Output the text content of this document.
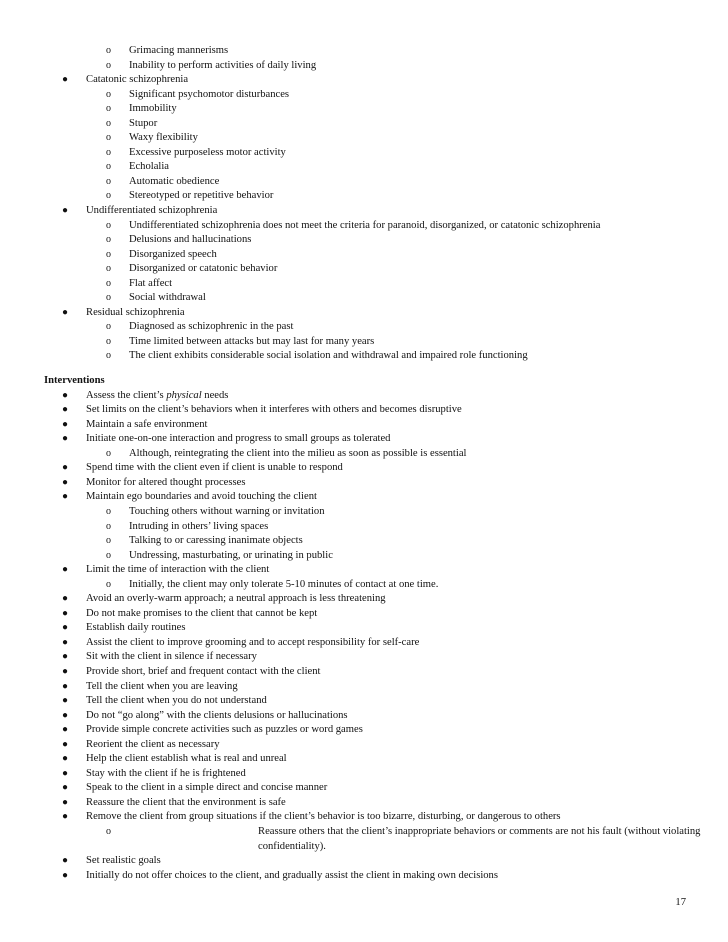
o Grimacing mannerisms
o Inability to perform activities of daily living
● Catatonic schizophrenia
o Significant psychomotor disturbances
o Immobility
o Stupor
o Waxy flexibility
o Excessive purposeless motor activity
o Echolalia
o Automatic obedience
o Stereotyped or repetitive behavior
● Undifferentiated schizophrenia
o Undifferentiated schizophrenia does not meet the criteria for paranoid, disorganized, or catatonic schizophrenia
o Delusions and hallucinations
o Disorganized speech
o Disorganized or catatonic behavior
o Flat affect
o Social withdrawal
● Residual schizophrenia
o Diagnosed as schizophrenic in the past
o Time limited between attacks but may last for many years
o The client exhibits considerable social isolation and withdrawal and impaired role functioning
Interventions
● Assess the client’s physical needs
● Set limits on the client’s behaviors when it interferes with others and becomes disruptive
● Maintain a safe environment
● Initiate one-on-one interaction and progress to small groups as tolerated
o Although, reintegrating the client into the milieu as soon as possible is essential
● Spend time with the client even if client is unable to respond
● Monitor for altered thought processes
● Maintain ego boundaries and avoid touching the client
o Touching others without warning or invitation
o Intruding in others’ living spaces
o Talking to or caressing inanimate objects
o Undressing, masturbating, or urinating in public
● Limit the time of interaction with the client
o Initially, the client may only tolerate 5-10 minutes of contact at one time.
● Avoid an overly-warm approach; a neutral approach is less threatening
● Do not make promises to the client that cannot be kept
● Establish daily routines
● Assist the client to improve grooming and to accept responsibility for self-care
● Sit with the client in silence if necessary
● Provide short, brief and frequent contact with the client
● Tell the client when you are leaving
● Tell the client when you do not understand
● Do not “go along” with the clients delusions or hallucinations
● Provide simple concrete activities such as puzzles or word games
● Reorient the client as necessary
● Help the client establish what is real and unreal
● Stay with the client if he is frightened
● Speak to the client in a simple direct and concise manner
● Reassure the client that the environment is safe
● Remove the client from group situations if the client’s behavior is too bizarre, disturbing, or dangerous to others
o	Reassure others that the client’s inappropriate behaviors or comments are not his fault (without violating confidentiality).
● Set realistic goals
● Initially do not offer choices to the client, and gradually assist the client in making own decisions
17
